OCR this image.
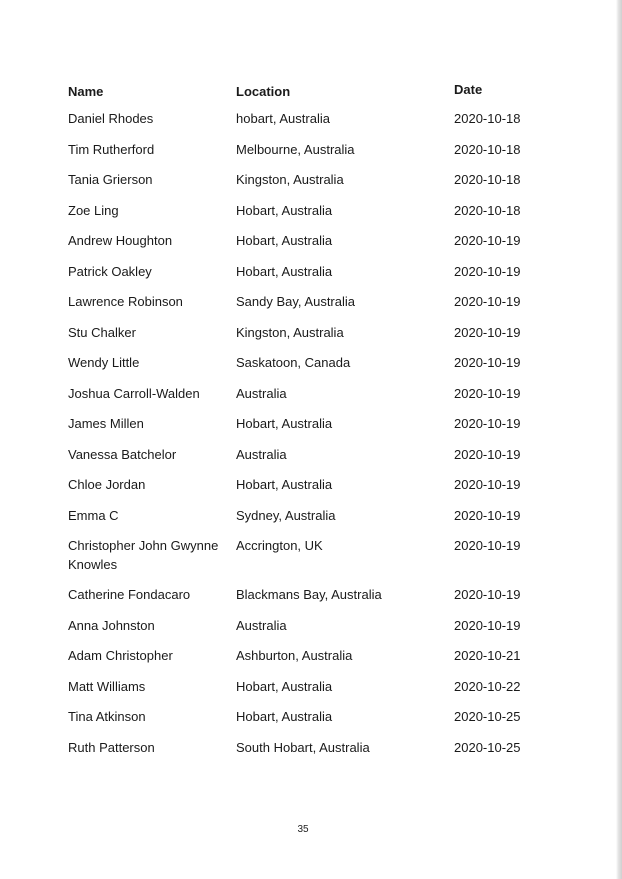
Name	Location	Date
Daniel Rhodes	hobart, Australia	2020-10-18
Tim Rutherford	Melbourne, Australia	2020-10-18
Tania Grierson	Kingston, Australia	2020-10-18
Zoe Ling	Hobart, Australia	2020-10-18
Andrew Houghton	Hobart, Australia	2020-10-19
Patrick Oakley	Hobart, Australia	2020-10-19
Lawrence Robinson	Sandy Bay, Australia	2020-10-19
Stu Chalker	Kingston, Australia	2020-10-19
Wendy Little	Saskatoon, Canada	2020-10-19
Joshua Carroll-Walden	Australia	2020-10-19
James Millen	Hobart, Australia	2020-10-19
Vanessa Batchelor	Australia	2020-10-19
Chloe Jordan	Hobart, Australia	2020-10-19
Emma C	Sydney, Australia	2020-10-19
Christopher John Gwynne Knowles	Accrington, UK	2020-10-19
Catherine Fondacaro	Blackmans Bay, Australia	2020-10-19
Anna Johnston	Australia	2020-10-19
Adam Christopher	Ashburton, Australia	2020-10-21
Matt Williams	Hobart, Australia	2020-10-22
Tina Atkinson	Hobart, Australia	2020-10-25
Ruth Patterson	South Hobart, Australia	2020-10-25
35
